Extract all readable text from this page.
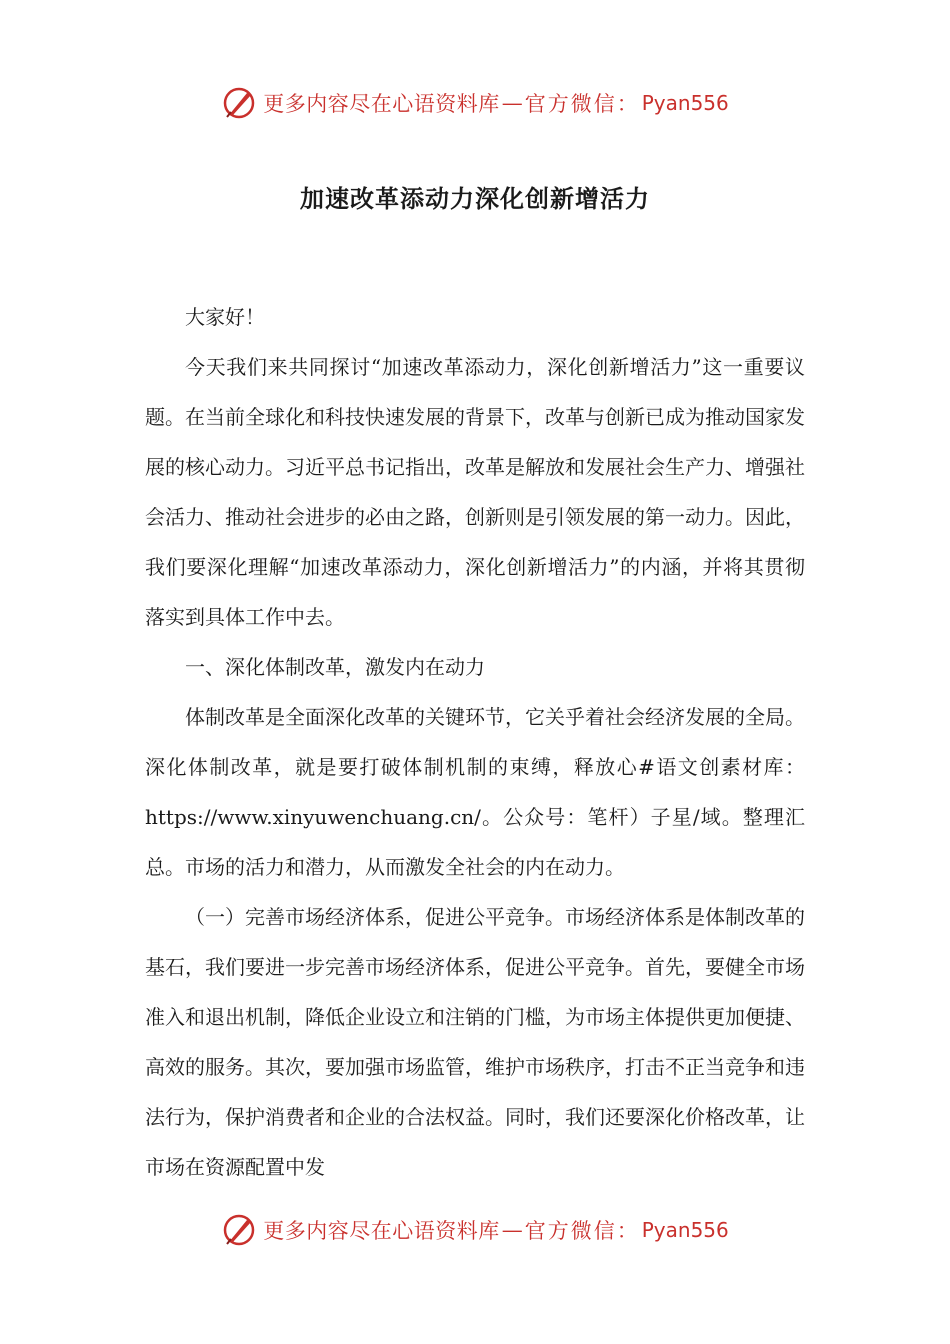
更多内容尽在心语资料库 — 官方微信： Pyan556
加速改革添动力深化创新增活力

大家好！

今天我们来共同探讨“加速改革添动力，深化创新增活力”这一重要议题。在当前全球化和科技快速发展的背景下，改革与创新已成为推动国家发展的核心动力。习近平总书记指出，改革是解放和发展社会生产力、增强社会活力、推动社会进步的必由之路，创新则是引领发展的第一动力。因此，我们要深化理解“加速改革添动力，深化创新增活力”的内涵，并将其贯彻落实到具体工作中去。

一、深化体制改革，激发内在动力

体制改革是全面深化改革的关键环节，它关乎着社会经济发展的全局。深化体制改革，就是要打破体制机制的束缚，释放心#语文创素材库：https://www.xinyuwenchuang.cn/。公众号：笔杆）子星/域。整理汇总。市场的活力和潜力，从而激发全社会的内在动力。

（一）完善市场经济体系，促进公平竞争。市场经济体系是体制改革的基石，我们要进一步完善市场经济体系，促进公平竞争。首先，要健全市场准入和退出机制，降低企业设立和注销的门槛，为市场主体提供更加便捷、高效的服务。其次，要加强市场监管，维护市场秩序，打击不正当竞争和违法行为，保护消费者和企业的合法权益。同时，我们还要深化价格改革，让市场在资源配置中发

更多内容尽在心语资料库 — 官方微信： Pyan556
